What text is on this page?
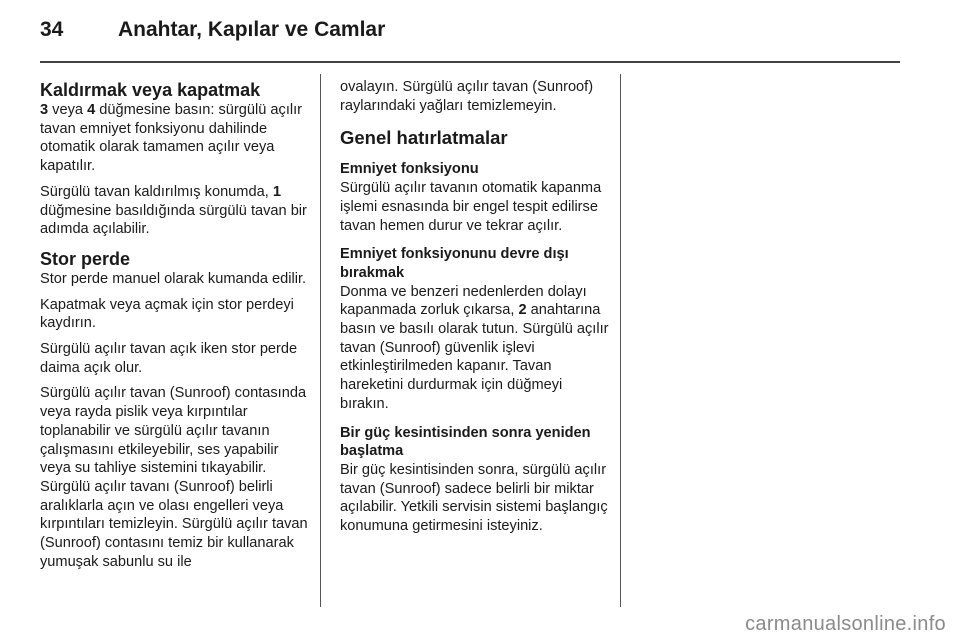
34	Anahtar, Kapılar ve Camlar
Kaldırmak veya kapatmak

3 veya 4 düğmesine basın: sürgülü açılır tavan emniyet fonksiyonu dahilinde otomatik olarak tamamen açılır veya kapatılır.

Sürgülü tavan kaldırılmış konumda, 1 düğmesine basıldığında sürgülü tavan bir adımda açılabilir.

Stor perde

Stor perde manuel olarak kumanda edilir.

Kapatmak veya açmak için stor perdeyi kaydırın.

Sürgülü açılır tavan açık iken stor perde daima açık olur.

Sürgülü açılır tavan (Sunroof) contasında veya rayda pislik veya kırpıntılar toplanabilir ve sürgülü açılır tavanın çalışmasını etkileyebilir, ses yapabilir veya su tahliye sistemini tıkayabilir. Sürgülü açılır tavanı (Sunroof) belirli aralıklarla açın ve olası engelleri veya kırpıntıları temizleyin. Sürgülü açılır tavan (Sunroof) contasını temiz bir kullanarak yumuşak sabunlu su ile

ovalayın. Sürgülü açılır tavan (Sunroof) raylarındaki yağları temizlemeyin.

Genel hatırlatmalar
Emniyet fonksiyonu

Sürgülü açılır tavanın otomatik kapanma işlemi esnasında bir engel tespit edilirse tavan hemen durur ve tekrar açılır.

Emniyet fonksiyonunu devre dışı bırakmak

Donma ve benzeri nedenlerden dolayı kapanmada zorluk çıkarsa, 2 anahtarına basın ve basılı olarak tutun. Sürgülü açılır tavan (Sunroof) güvenlik işlevi etkinleştirilmeden kapanır. Tavan hareketini durdurmak için düğmeyi bırakın.

Bir güç kesintisinden sonra yeniden başlatma

Bir güç kesintisinden sonra, sürgülü açılır tavan (Sunroof) sadece belirli bir miktar açılabilir. Yetkili servisin sistemi başlangıç konumuna getirmesini isteyiniz.

carmanualsonline.info
